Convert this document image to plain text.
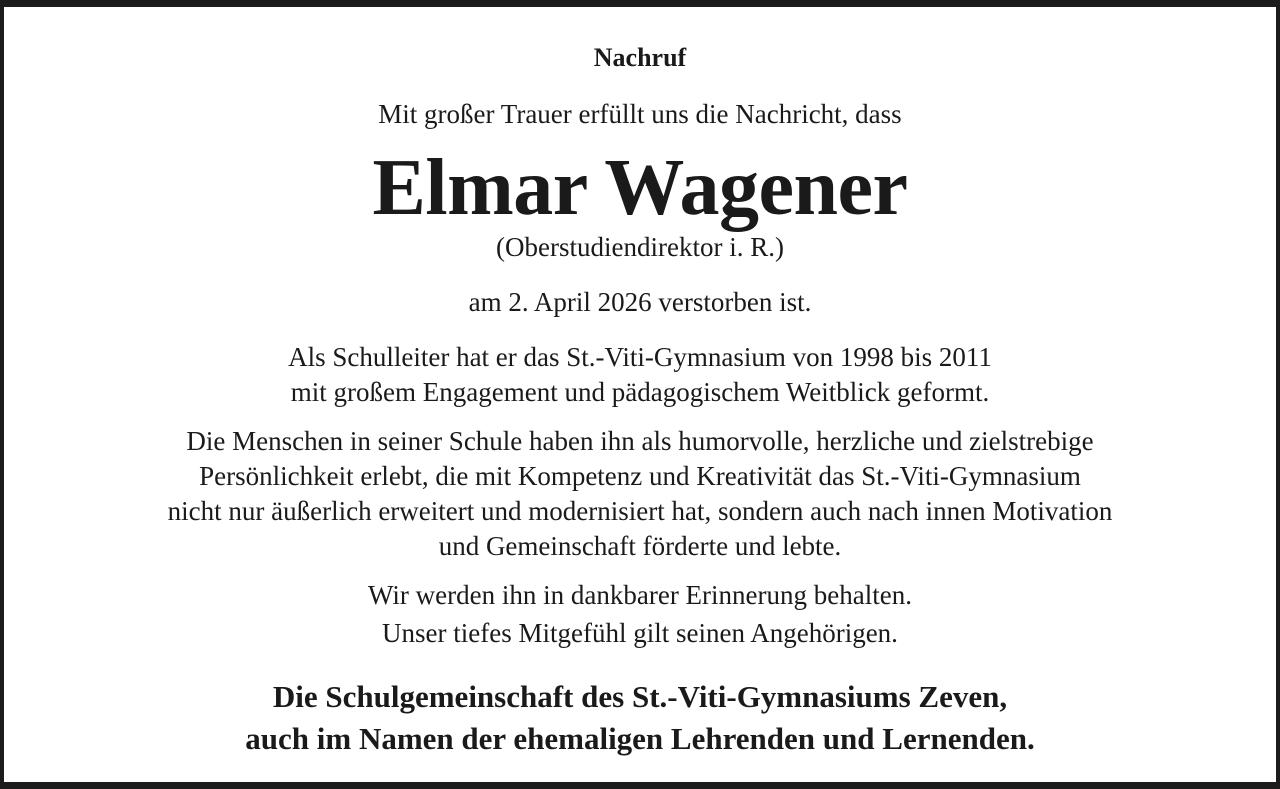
Nachruf

Mit großer Trauer erfüllt uns die Nachricht, dass

Elmar Wagener

(Oberstudiendirektor i. R.)

am 2. April 2026 verstorben ist.

Als Schulleiter hat er das St.-Viti-Gymnasium von 1998 bis 2011
mit großem Engagement und pädagogischem Weitblick geformt.
Die Menschen in seiner Schule haben ihn als humorvolle, herzliche und zielstrebige
Persönlichkeit erlebt, die mit Kompetenz und Kreativität das St.-Viti-Gymnasium
nicht nur äußerlich erweitert und modernisiert hat, sondern auch nach innen Motivation
und Gemeinschaft förderte und lebte.
Wir werden ihn in dankbarer Erinnerung behalten.
Unser tiefes Mitgefühl gilt seinen Angehörigen.
Die Schulgemeinschaft des St.-Viti-Gymnasiums Zeven,
auch im Namen der ehemaligen Lehrenden und Lernenden.
